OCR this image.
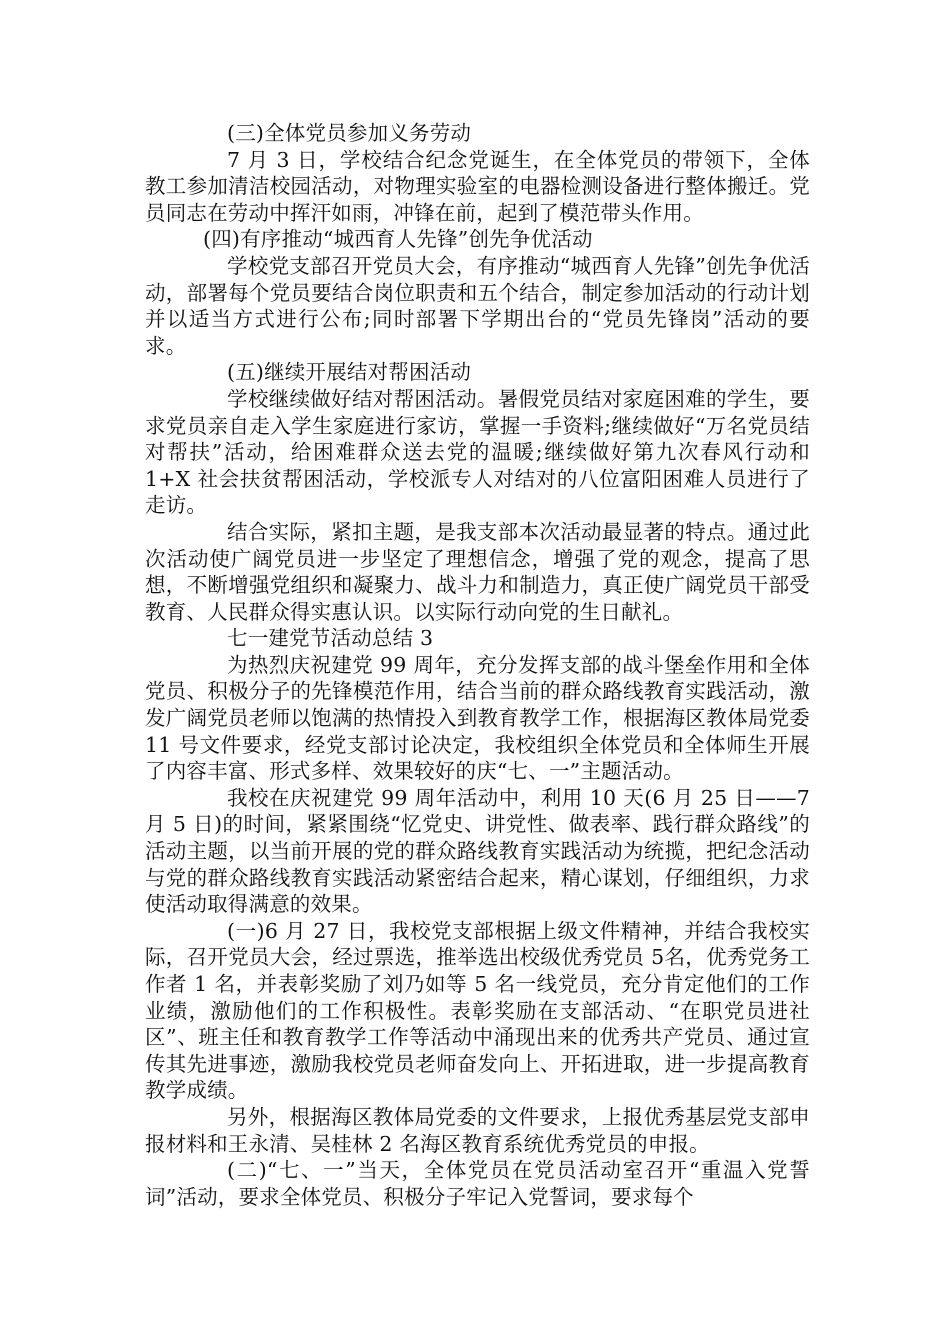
(三)全体党员参加义务劳动

7 月 3 日，学校结合纪念党诞生，在全体党员的带领下，全体教工参加清洁校园活动，对物理实验室的电器检测设备进行整体搬迁。党员同志在劳动中挥汗如雨，冲锋在前，起到了模范带头作用。

(四)有序推动“城西育人先锋”创先争优活动

学校党支部召开党员大会，有序推动“城西育人先锋”创先争优活动，部署每个党员要结合岗位职责和五个结合，制定参加活动的行动计划并以适当方式进行公布;同时部署下学期出台的“党员先锋岗”活动的要求。

(五)继续开展结对帮困活动

学校继续做好结对帮困活动。暑假党员结对家庭困难的学生，要求党员亲自走入学生家庭进行家访，掌握一手资料;继续做好“万名党员结对帮扶”活动，给困难群众送去党的温暖;继续做好第九次春风行动和 1+X 社会扶贫帮困活动，学校派专人对结对的八位富阳困难人员进行了走访。

结合实际，紧扣主题，是我支部本次活动最显著的特点。通过此次活动使广阔党员进一步坚定了理想信念，增强了党的观念，提高了思想，不断增强党组织和凝聚力、战斗力和制造力，真正使广阔党员干部受教育、人民群众得实惠认识。以实际行动向党的生日献礼。

七一建党节活动总结 3

为热烈庆祝建党 99 周年，充分发挥支部的战斗堡垒作用和全体党员、积极分子的先锋模范作用，结合当前的群众路线教育实践活动，激发广阔党员老师以饱满的热情投入到教育教学工作，根据海区教体局党委 11 号文件要求，经党支部讨论决定，我校组织全体党员和全体师生开展了内容丰富、形式多样、效果较好的庆“七、一”主题活动。

我校在庆祝建党 99 周年活动中，利用 10 天(6 月 25 日——7月 5 日)的时间，紧紧围绕“忆党史、讲党性、做表率、践行群众路线”的活动主题，以当前开展的党的群众路线教育实践活动为统揽，把纪念活动与党的群众路线教育实践活动紧密结合起来，精心谋划，仔细组织，力求使活动取得满意的效果。

(一)6 月 27 日，我校党支部根据上级文件精神，并结合我校实际，召开党员大会，经过票选，推举选出校级优秀党员 5名，优秀党务工作者 1 名，并表彰奖励了刘乃如等 5 名一线党员，充分肯定他们的工作业绩，激励他们的工作积极性。表彰奖励在支部活动、“在职党员进社区”、班主任和教育教学工作等活动中涌现出来的优秀共产党员、通过宣传其先进事迹，激励我校党员老师奋发向上、开拓进取，进一步提高教育教学成绩。

另外，根据海区教体局党委的文件要求，上报优秀基层党支部申报材料和王永清、吴桂林 2 名海区教育系统优秀党员的申报。

(二)“七、一”当天，全体党员在党员活动室召开“重温入党誓词”活动，要求全体党员、积极分子牢记入党誓词，要求每个
